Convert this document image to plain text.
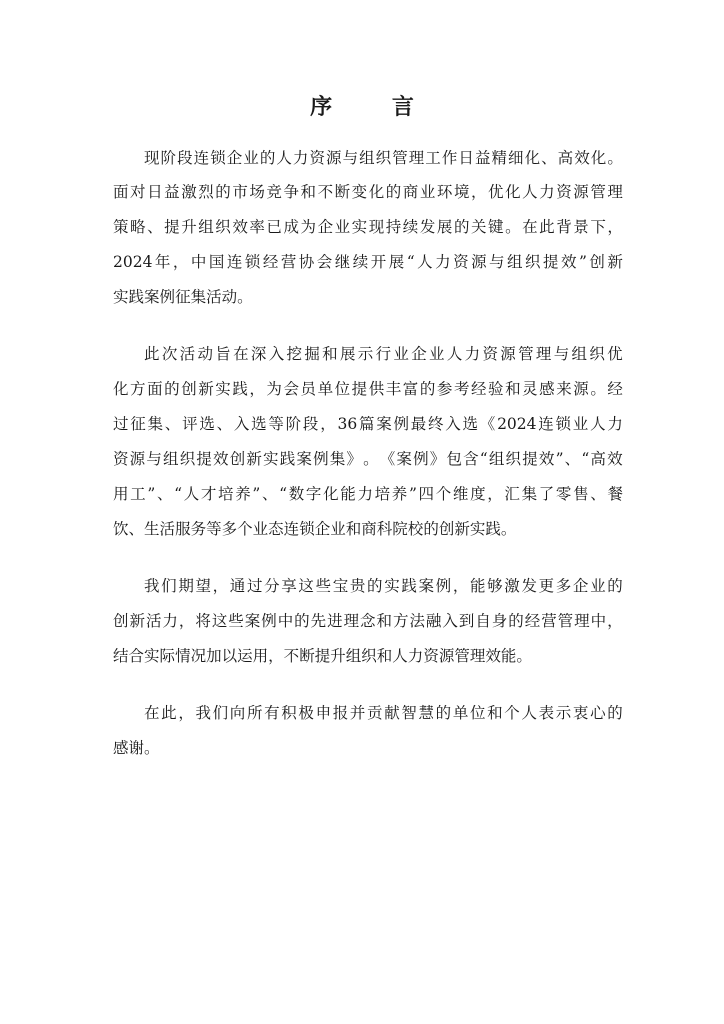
序 言
现 阶 段 连 锁 企 业 的 人 力 资 源 与 组 织 管 理 工 作 日 益 精 细 化 、 高 效 化 。
面 对 日 益 激 烈 的 市 场 竞 争 和 不 断 变 化 的 商 业 环 境 ， 优 化 人 力 资 源 管 理
策 略 、 提 升 组 织 效 率 已 成 为 企 业 实 现 持 续 发 展 的 关 键 。 在 此 背 景 下 ，
2024 年 ， 中 国 连 锁 经 营 协 会 继 续 开 展 “ 人 力 资 源 与 组 织 提 效 ” 创 新
实 践 案 例 征 集 活 动 。
此 次 活 动 旨 在 深 入 挖 掘 和 展 示 行 业 企 业 人 力 资 源 管 理 与 组 织 优
化 方 面 的 创 新 实 践 ， 为 会 员 单 位 提 供 丰 富 的 参 考 经 验 和 灵 感 来 源 。 经
过 征 集 、 评 选 、 入 选 等 阶 段 ， 36 篇 案 例 最 终 入 选 《 2024 连 锁 业 人 力
资 源 与 组 织 提 效 创 新 实 践 案 例 集 》 。 《 案 例 》 包 含 “ 组 织 提 效 ” 、 “ 高 效
用 工 ” 、 “ 人 才 培 养 ” 、 “ 数 字 化 能 力 培 养 ” 四 个 维 度 ， 汇 集 了 零 售 、 餐
饮 、 生 活 服 务 等 多 个 业 态 连 锁 企 业 和 商 科 院 校 的 创 新 实 践 。
我 们 期 望 ， 通 过 分 享 这 些 宝 贵 的 实 践 案 例 ， 能 够 激 发 更 多 企 业 的
创 新 活 力 ， 将 这 些 案 例 中 的 先 进 理 念 和 方 法 融 入 到 自 身 的 经 营 管 理 中 ，
结 合 实 际 情 况 加 以 运 用 ， 不 断 提 升 组 织 和 人 力 资 源 管 理 效 能 。
在 此 ， 我 们 向 所 有 积 极 申 报 并 贡 献 智 慧 的 单 位 和 个 人 表 示 衷 心 的
感 谢 。
